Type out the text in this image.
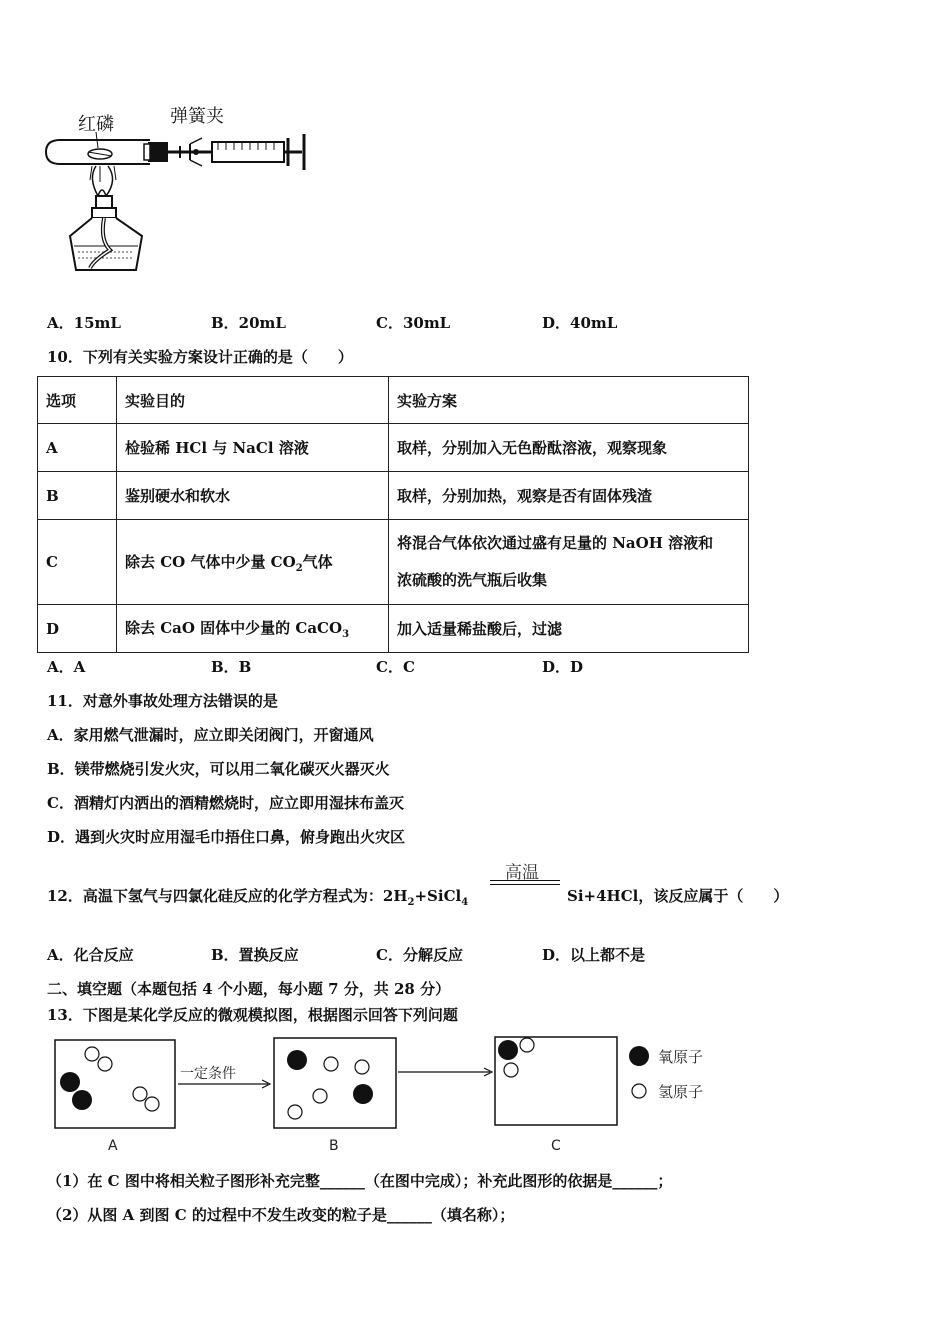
红磷	弹簧夹
A．15mL	B．20mL	C．30mL	D．40mL
10．下列有关实验方案设计正确的是（　　）
选项	实验目的	实验方案
A	检验稀 HCl 与 NaCl 溶液	取样，分别加入无色酚酞溶液，观察现象
B	鉴别硬水和软水	取样，分别加热，观察是否有固体残渣
C	除去 CO 气体中少量 $CO_2$气体	将混合气体依次通过盛有足量的 NaOH 溶液和
浓硫酸的洗气瓶后收集
D	除去 CaO 固体中少量的 CaCO$_3$	加入适量稀盐酸后，过滤
A．A	B．B	C．C	D．D
11．对意外事故处理方法错误的是
A．家用燃气泄漏时，应立即关闭阀门，开窗通风
B．镁带燃烧引发火灾，可以用二氧化碳灭火器灭火
C．酒精灯内洒出的酒精燃烧时，应立即用湿抹布盖灭
D．遇到火灾时应用湿毛巾捂住口鼻，俯身跑出火灾区
12．高温下氢气与四氯化硅反应的化学方程式为：$2H_2+SiCl_4$
高温
Si+4HCl，该反应属于（　　）
A．化合反应	B．置换反应	C．分解反应	D．以上都不是
二、填空题（本题包括 4 个小题，每小题 7 分，共 28 分）
13．下图是某化学反应的微观模拟图，根据图示回答下列问题
A
一定条件
B	C
氧原子
氢原子
（1）在 C 图中将相关粒子图形补充完整______（在图中完成）；补充此图形的依据是______；
（2）从图 A 到图 C 的过程中不发生改变的粒子是______（填名称）；
